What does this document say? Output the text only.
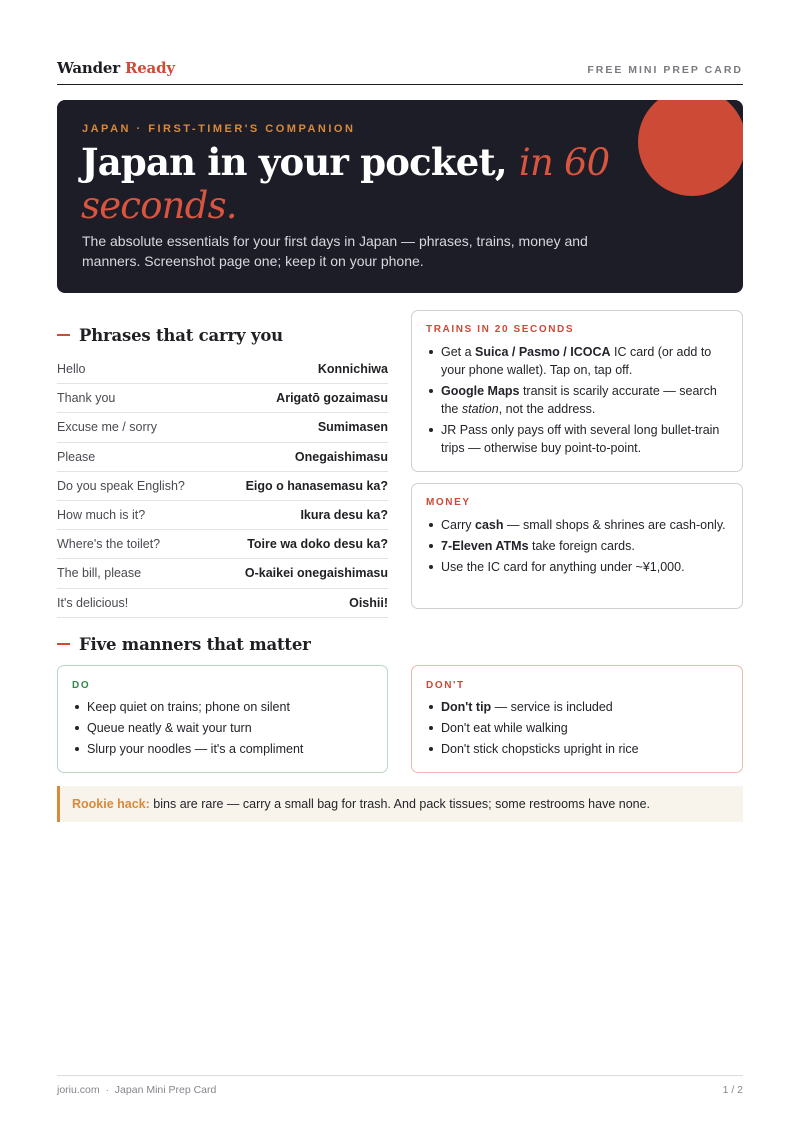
Wander Ready	FREE MINI PREP CARD
JAPAN · FIRST-TIMER'S COMPANION
Japan in your pocket, in 60 seconds.
The absolute essentials for your first days in Japan — phrases, trains, money and manners. Screenshot page one; keep it on your phone.
Phrases that carry you
Hello	Konnichiwa
Thank you	Arigatō gozaimasu
Excuse me / sorry	Sumimasen
Please	Onegaishimasu
Do you speak English?	Eigo o hanasemasu ka?
How much is it?	Ikura desu ka?
Where's the toilet?	Toire wa doko desu ka?
The bill, please	O-kaikei onegaishimasu
It's delicious!	Oishii!
TRAINS IN 20 SECONDS
Get a Suica / Pasmo / ICOCA IC card (or add to your phone wallet). Tap on, tap off.
Google Maps transit is scarily accurate — search the station, not the address.
JR Pass only pays off with several long bullet-train trips — otherwise buy point-to-point.
MONEY
Carry cash — small shops & shrines are cash-only.
7-Eleven ATMs take foreign cards.
Use the IC card for anything under ~¥1,000.
Five manners that matter
DO
Keep quiet on trains; phone on silent
Queue neatly & wait your turn
Slurp your noodles — it's a compliment
DON'T
Don't tip — service is included
Don't eat while walking
Don't stick chopsticks upright in rice
Rookie hack: bins are rare — carry a small bag for trash. And pack tissues; some restrooms have none.
joriu.com · Japan Mini Prep Card	1 / 2
